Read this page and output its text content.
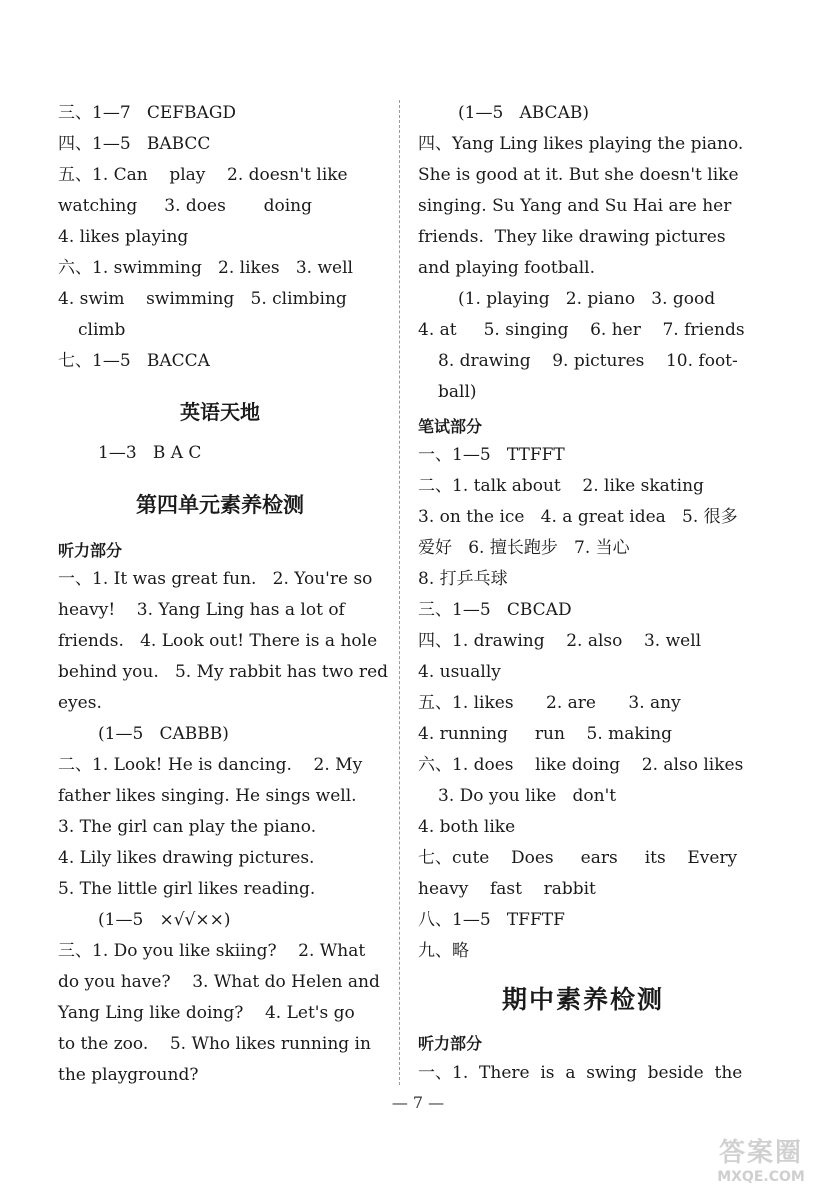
三、1—7   CEFBAGD
四、1—5   BABCC
五、1. Can    play    2. doesn't like
watching     3. does       doing
4. likes playing
六、1. swimming   2. likes   3. well
4. swim    swimming   5. climbing
climb
七、1—5   BACCA
英语天地
1—3   B A C
第四单元素养检测
听力部分
一、1. It was great fun.   2. You're so
heavy!    3. Yang Ling has a lot of
friends.   4. Look out! There is a hole
behind you.   5. My rabbit has two red
eyes.
(1—5   CABBB)
二、1. Look! He is dancing.    2. My
father likes singing. He sings well.
3. The girl can play the piano.
4. Lily likes drawing pictures.
5. The little girl likes reading.
(1—5   ×√√××)
三、1. Do you like skiing?    2. What
do you have?    3. What do Helen and
Yang Ling like doing?    4. Let's go
to the zoo.    5. Who likes running in
the playground?
(1—5   ABCAB)
四、Yang Ling likes playing the piano.
She is good at it. But she doesn't like
singing. Su Yang and Su Hai are her
friends.  They like drawing pictures
and playing football.
(1. playing   2. piano   3. good
4. at     5. singing    6. her    7. friends
8. drawing    9. pictures    10. foot-
ball)
笔试部分
一、1—5   TTFFT
二、1. talk about    2. like skating
3. on the ice   4. a great idea   5. 很多
爱好   6. 擅长跑步   7. 当心
8. 打乒乓球
三、1—5   CBCAD
四、1. drawing    2. also    3. well
4. usually
五、1. likes      2. are      3. any
4. running     run    5. making
六、1. does    like doing    2. also likes
3. Do you like   don't
4. both like
七、cute    Does     ears     its    Every
heavy    fast    rabbit
八、1—5   TFFTF
九、略
期中素养检测
听力部分
一、1.  There  is  a  swing  beside  the
— 7 —
答案圈
MXQE.COM
